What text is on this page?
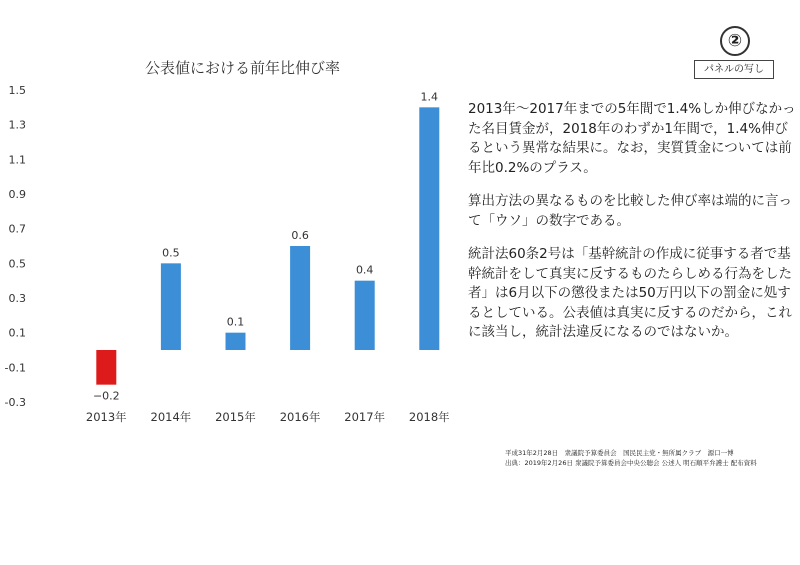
②
パネルの写し
公表値における前年比伸び率
1.5
1.3
1.1
0.9
0.7
0.5
0.3
0.1
-0.1
-0.3	−0.2
2013年
0.5
2014年
0.1
2015年
0.6
2016年
0.4
2017年
1.4
2018年

2013年～2017年までの5年間で1.4%しか伸びなかった名目賃金が，2018年のわずか1年間で，1.4%伸びるという異常な結果に。なお，実質賃金については前年比0.2%のプラス。

算出方法の異なるものを比較した伸び率は端的に言って「ウソ」の数字である。

統計法60条2号は「基幹統計の作成に従事する者で基幹統計をして真実に反するものたらしめる行為をした者」は6月以下の懲役または50万円以下の罰金に処するとしている。公表値は真実に反するのだから，これに該当し，統計法違反になるのではないか。

平成31年2月28日　衆議院予算委員会　国民民主党・無所属クラブ　源口一博
出典：2019年2月26日 衆議院予算委員会中央公聴会 公述人 明石順平弁護士 配布資料
